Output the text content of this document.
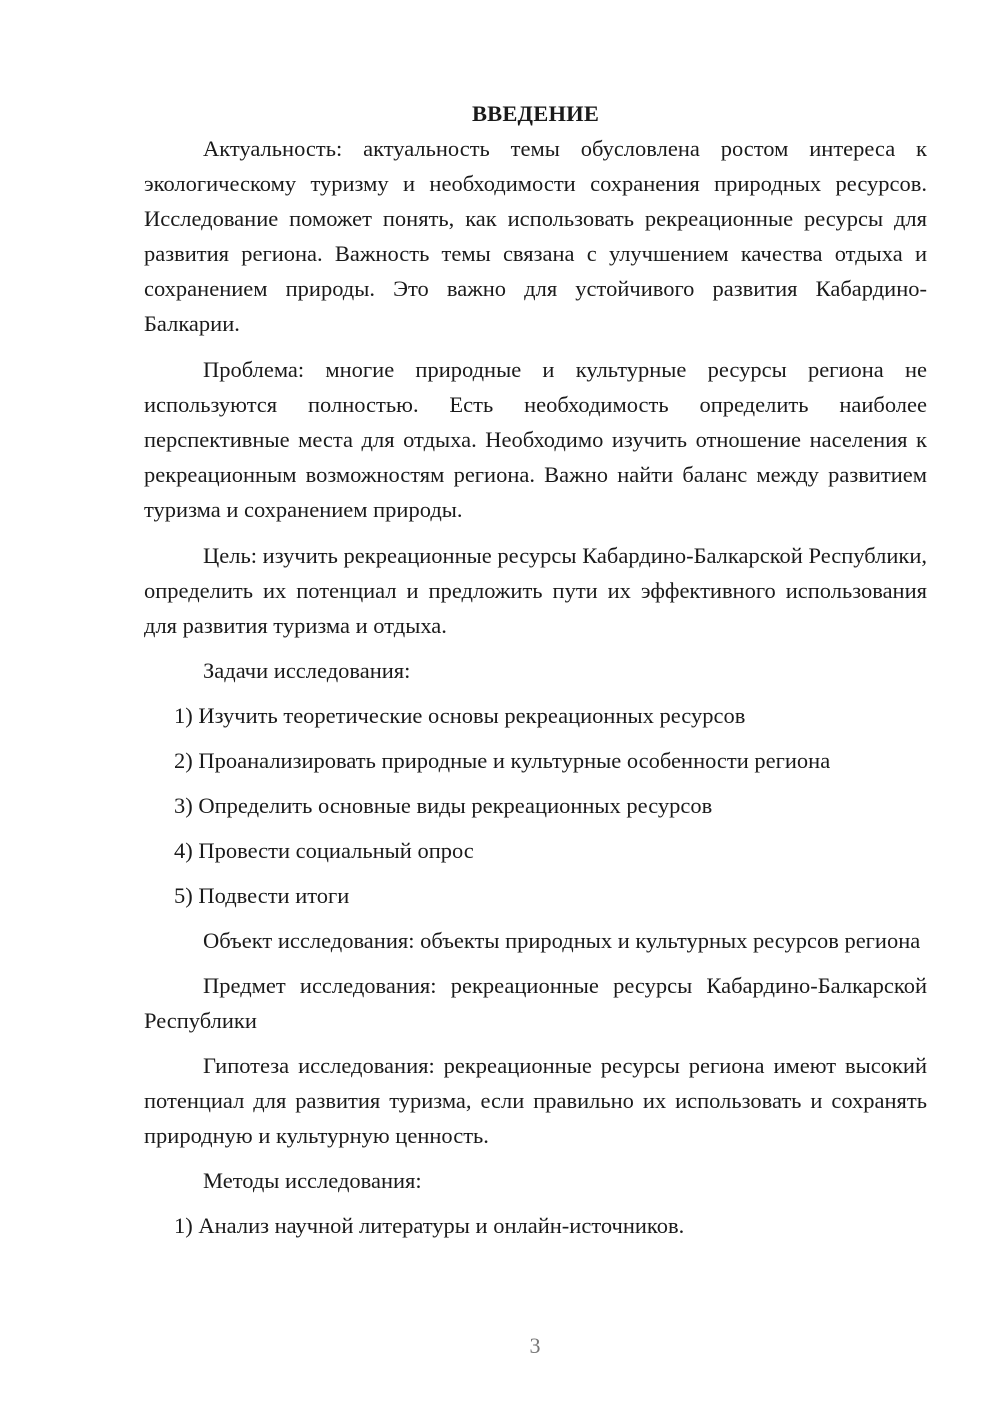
ВВЕДЕНИЕ

Актуальность: актуальность темы обусловлена ростом интереса к экологическому туризму и необходимости сохранения природных ресурсов. Исследование поможет понять, как использовать рекреационные ресурсы для развития региона. Важность темы связана с улучшением качества отдыха и сохранением природы. Это важно для устойчивого развития Кабардино-Балкарии.

Проблема: многие природные и культурные ресурсы региона не используются полностью. Есть необходимость определить наиболее перспективные места для отдыха. Необходимо изучить отношение населения к рекреационным возможностям региона. Важно найти баланс между развитием туризма и сохранением природы.

Цель: изучить рекреационные ресурсы Кабардино-Балкарской Республики, определить их потенциал и предложить пути их эффективного использования для развития туризма и отдыха.

Задачи исследования:

1) Изучить теоретические основы рекреационных ресурсов

2) Проанализировать природные и культурные особенности региона

3) Определить основные виды рекреационных ресурсов

4) Провести социальный опрос

5) Подвести итоги

Объект исследования: объекты природных и культурных ресурсов региона

Предмет исследования: рекреационные ресурсы Кабардино-Балкарской Республики

Гипотеза исследования: рекреационные ресурсы региона имеют высокий потенциал для развития туризма, если правильно их использовать и сохранять природную и культурную ценность.

Методы исследования:

1) Анализ научной литературы и онлайн-источников.

3
